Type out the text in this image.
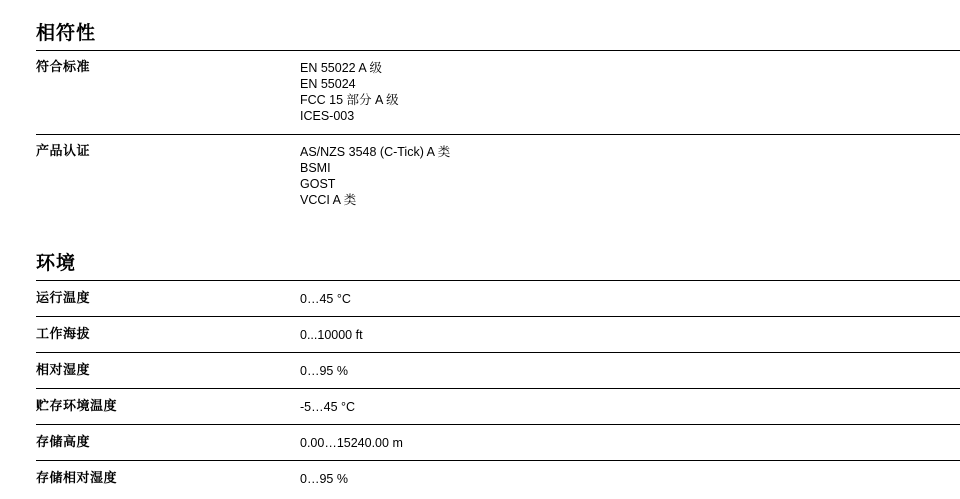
相符性
符合标准	EN 55022 A 级
EN 55024
FCC 15 部分 A 级
ICES-003
产品认证	AS/NZS 3548 (C-Tick) A 类
BSMI
GOST
VCCI A 类
环境
运行温度	0…45 °C
工作海拔	0...10000 ft
相对湿度	0…95 %
贮存环境温度	-5…45 °C
存储高度	0.00…15240.00 m
存储相对湿度	0…95 %
